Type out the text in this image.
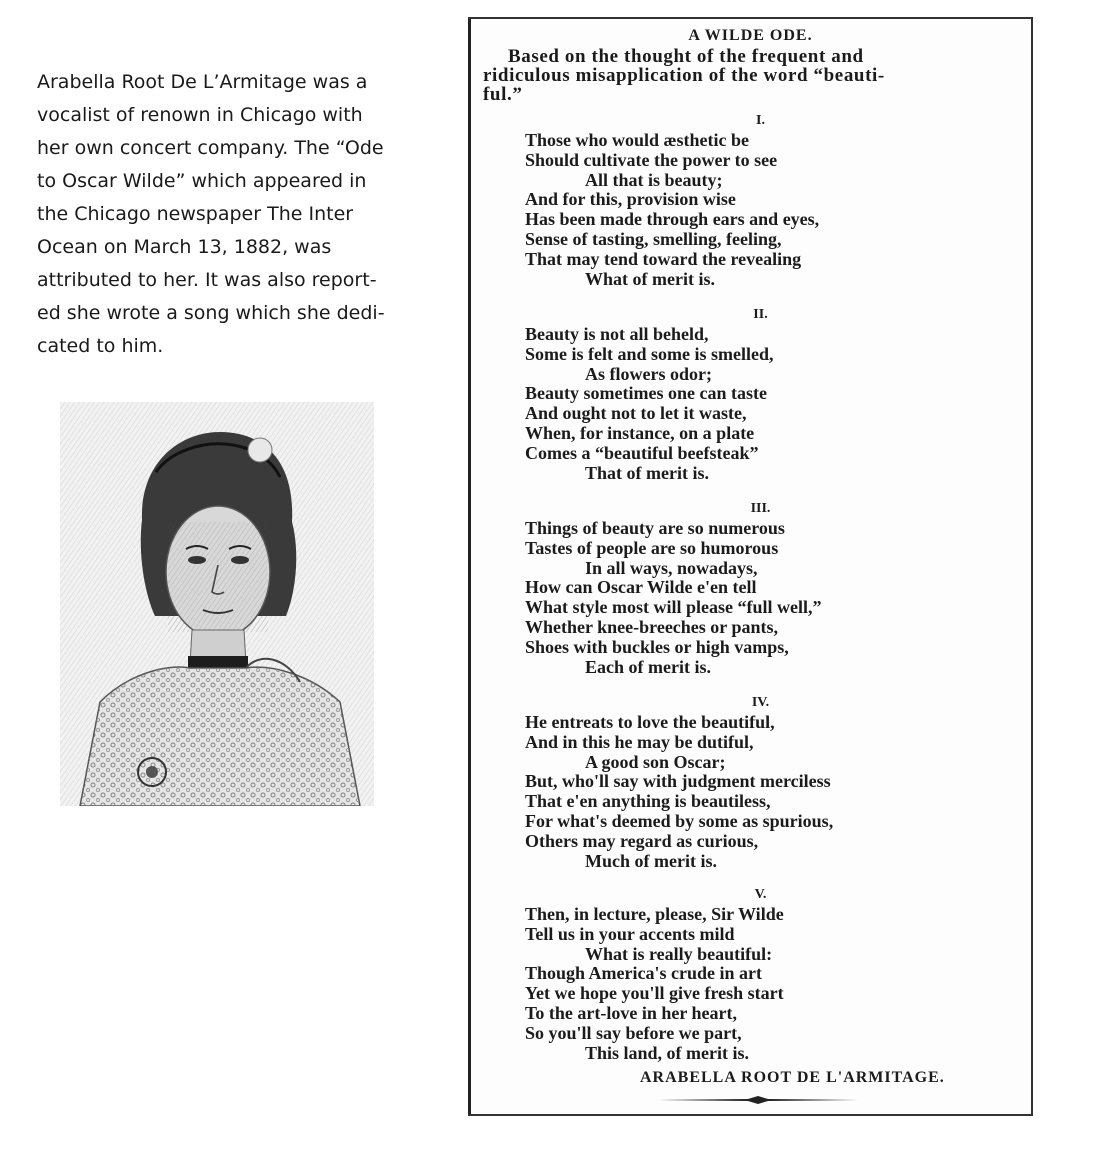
Arabella Root De L’Armitage was a
vocalist of renown in Chicago with
her own concert company. The “Ode
to Oscar Wilde” which appeared in
the Chicago newspaper The Inter
Ocean on March 13, 1882, was
attributed to her. It was also report-
ed she wrote a song which she dedi-
cated to him.
A WILDE ODE.
Based on the thought of the frequent and
ridiculous misapplication of the word “beauti-
ful.”
I.
Those who would æsthetic be
Should cultivate the power to see
All that is beauty;
And for this, provision wise
Has been made through ears and eyes,
Sense of tasting, smelling, feeling,
That may tend toward the revealing
What of merit is.
II.
Beauty is not all beheld,
Some is felt and some is smelled,
As flowers odor;
Beauty sometimes one can taste
And ought not to let it waste,
When, for instance, on a plate
Comes a “beautiful beefsteak”
That of merit is.
III.
Things of beauty are so numerous
Tastes of people are so humorous
In all ways, nowadays,
How can Oscar Wilde e'en tell
What style most will please “full well,”
Whether knee-breeches or pants,
Shoes with buckles or high vamps,
Each of merit is.
IV.
He entreats to love the beautiful,
And in this he may be dutiful,
A good son Oscar;
But, who'll say with judgment merciless
That e'en anything is beautiless,
For what's deemed by some as spurious,
Others may regard as curious,
Much of merit is.
V.
Then, in lecture, please, Sir Wilde
Tell us in your accents mild
What is really beautiful:
Though America's crude in art
Yet we hope you'll give fresh start
To the art-love in her heart,
So you'll say before we part,
This land, of merit is.
ARABELLA ROOT DE L'ARMITAGE.
